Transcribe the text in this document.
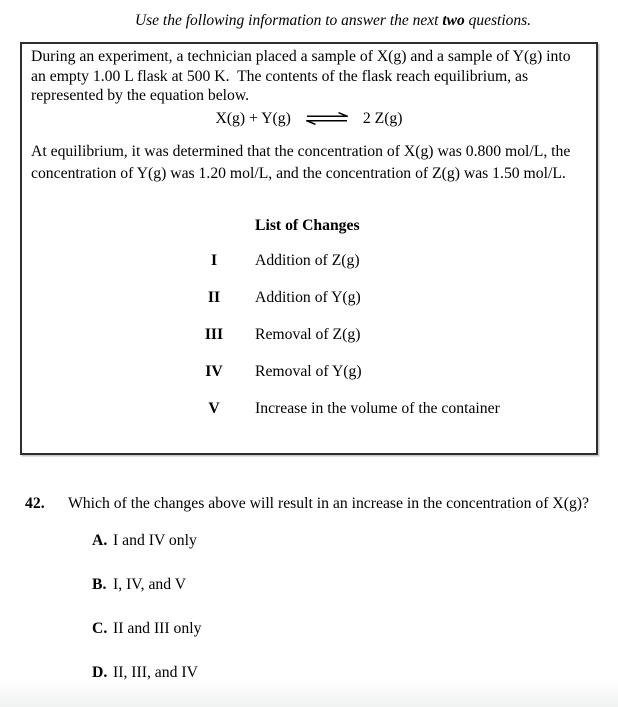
Use the following information to answer the next two questions.
During an experiment, a technician placed a sample of X(g) and a sample of Y(g) into
an empty 1.00 L flask at 500 K.  The contents of the flask reach equilibrium, as
represented by the equation below.
X(g) + Y(g) ⇌ 2 Z(g)
At equilibrium, it was determined that the concentration of X(g) was 0.800 mol/L, the
concentration of Y(g) was 1.20 mol/L, and the concentration of Z(g) was 1.50 mol/L.
List of Changes
I	Addition of Z(g)
II	Addition of Y(g)
III	Removal of Z(g)
IV	Removal of Y(g)
V	Increase in the volume of the container
42.	Which of the changes above will result in an increase in the concentration of X(g)?
A. I and IV only
B. I, IV, and V
C. II and III only
D. II, III, and IV
